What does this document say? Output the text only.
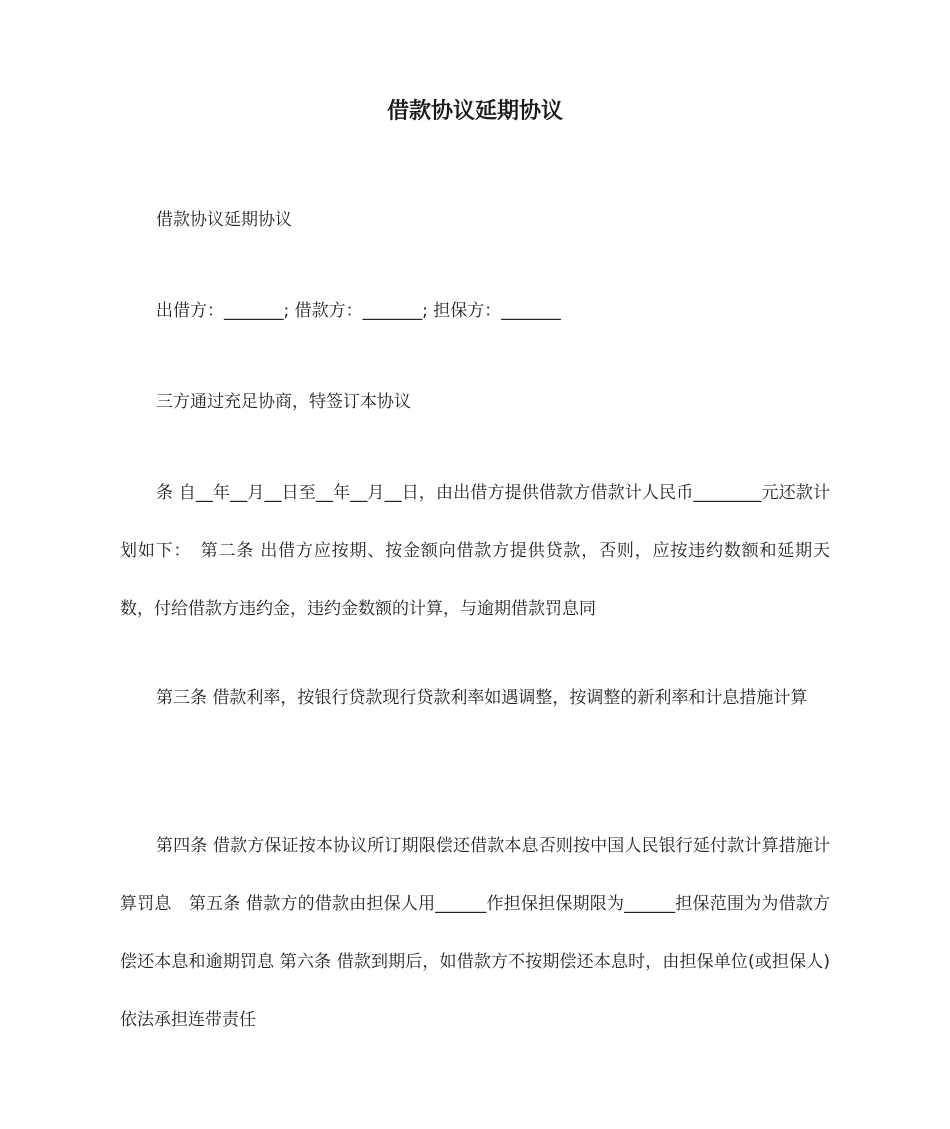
借款协议延期协议
借款协议延期协议
出借方：_______; 借款方：_______; 担保方：_______
三方通过充足协商，特签订本协议
条 自__年__月__日至__年__月__日，由出借方提供借款方借款计人民币________元还款计划如下：　第二条 出借方应按期、按金额向借款方提供贷款，否则，应按违约数额和延期天数，付给借款方违约金，违约金数额的计算，与逾期借款罚息同
第三条 借款利率，按银行贷款现行贷款利率如遇调整，按调整的新利率和计息措施计算
第四条 借款方保证按本协议所订期限偿还借款本息否则按中国人民银行延付款计算措施计算罚息　第五条 借款方的借款由担保人用______作担保担保期限为______担保范围为为借款方偿还本息和逾期罚息 第六条 借款到期后，如借款方不按期偿还本息时，由担保单位(或担保人)依法承担连带责任
